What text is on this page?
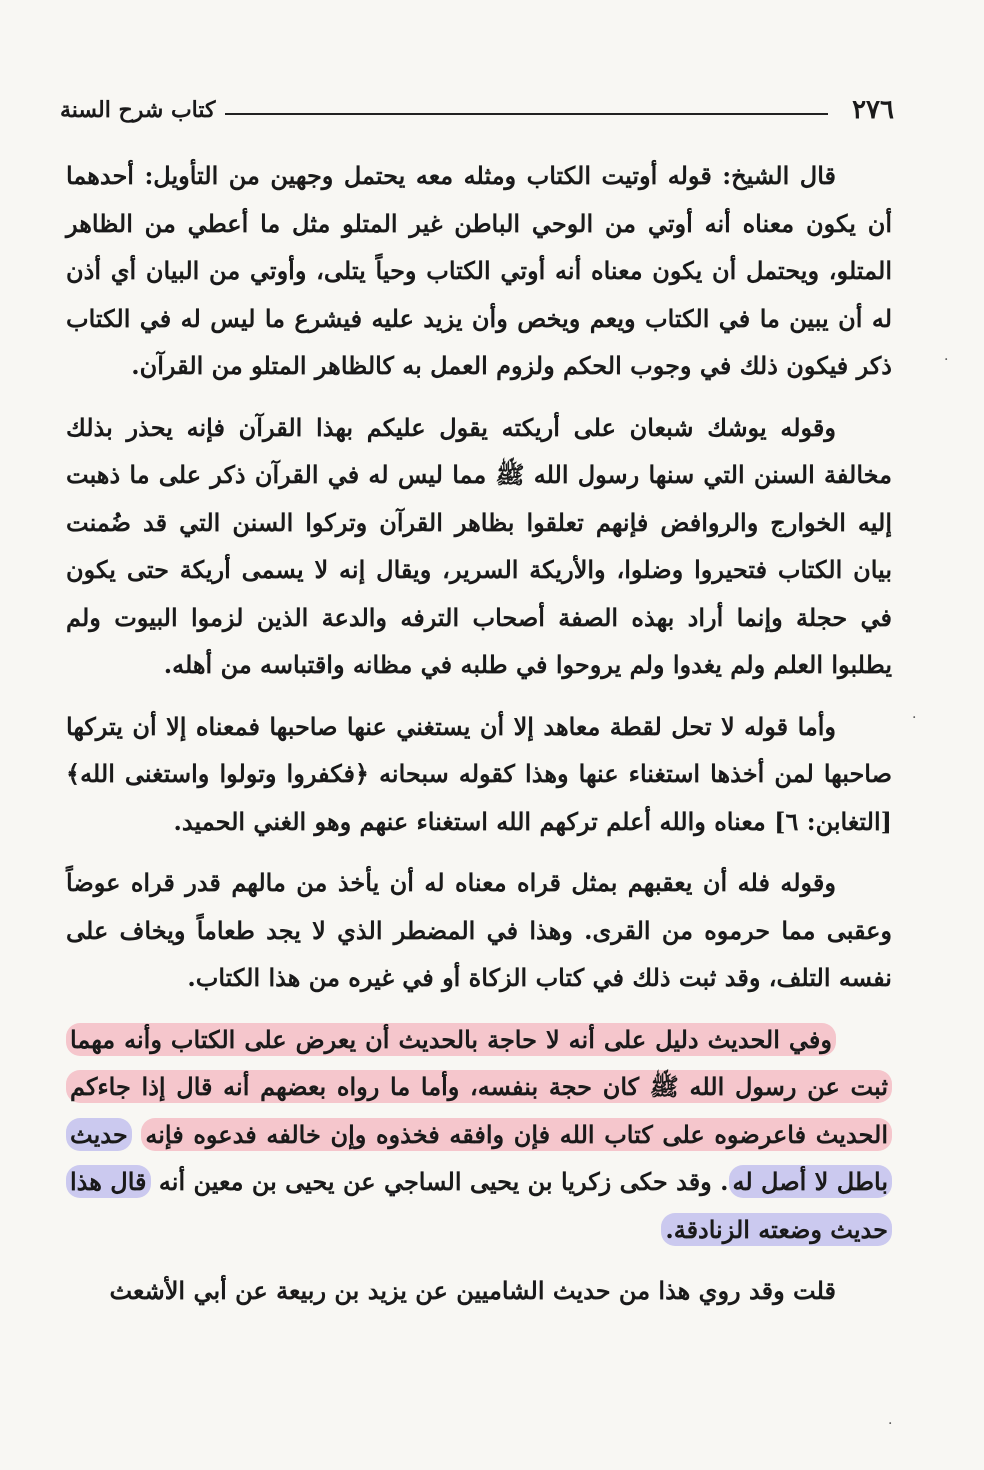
٢٧٦
كتاب شرح السنة

قال الشيخ: قوله أوتيت الكتاب ومثله معه يحتمل وجهين من التأويل: أحدهما أن يكون معناه أنه أوتي من الوحي الباطن غير المتلو مثل ما أعطي من الظاهر المتلو، ويحتمل أن يكون معناه أنه أوتي الكتاب وحياً يتلى، وأوتي من البيان أي أذن له أن يبين ما في الكتاب ويعم ويخص وأن يزيد عليه فيشرع ما ليس له في الكتاب ذكر فيكون ذلك في وجوب الحكم ولزوم العمل به كالظاهر المتلو من القرآن.

وقوله يوشك شبعان على أريكته يقول عليكم بهذا القرآن فإنه يحذر بذلك مخالفة السنن التي سنها رسول الله ﷺ مما ليس له في القرآن ذكر على ما ذهبت إليه الخوارج والروافض فإنهم تعلقوا بظاهر القرآن وتركوا السنن التي قد ضُمنت بيان الكتاب فتحيروا وضلوا، والأريكة السرير، ويقال إنه لا يسمى أريكة حتى يكون في حجلة وإنما أراد بهذه الصفة أصحاب الترفه والدعة الذين لزموا البيوت ولم يطلبوا العلم ولم يغدوا ولم يروحوا في طلبه في مظانه واقتباسه من أهله.

وأما قوله لا تحل لقطة معاهد إلا أن يستغني عنها صاحبها فمعناه إلا أن يتركها صاحبها لمن أخذها استغناء عنها وهذا كقوله سبحانه ﴿فكفروا وتولوا واستغنى الله﴾ [التغابن: ٦] معناه والله أعلم تركهم الله استغناء عنهم وهو الغني الحميد.

وقوله فله أن يعقبهم بمثل قراه معناه له أن يأخذ من مالهم قدر قراه عوضاً وعقبى مما حرموه من القرى. وهذا في المضطر الذي لا يجد طعاماً ويخاف على نفسه التلف، وقد ثبت ذلك في كتاب الزكاة أو في غيره من هذا الكتاب.

وفي الحديث دليل على أنه لا حاجة بالحديث أن يعرض على الكتاب وأنه مهما ثبت عن رسول الله ﷺ كان حجة بنفسه، وأما ما رواه بعضهم أنه قال إذا جاءكم الحديث فاعرضوه على كتاب الله فإن وافقه فخذوه وإن خالفه فدعوه فإنه حديث باطل لا أصل له. وقد حكى زكريا بن يحيى الساجي عن يحيى بن معين أنه قال هذا حديث وضعته الزنادقة.

قلت وقد روي هذا من حديث الشاميين عن يزيد بن ربيعة عن أبي الأشعث

·
·
·
